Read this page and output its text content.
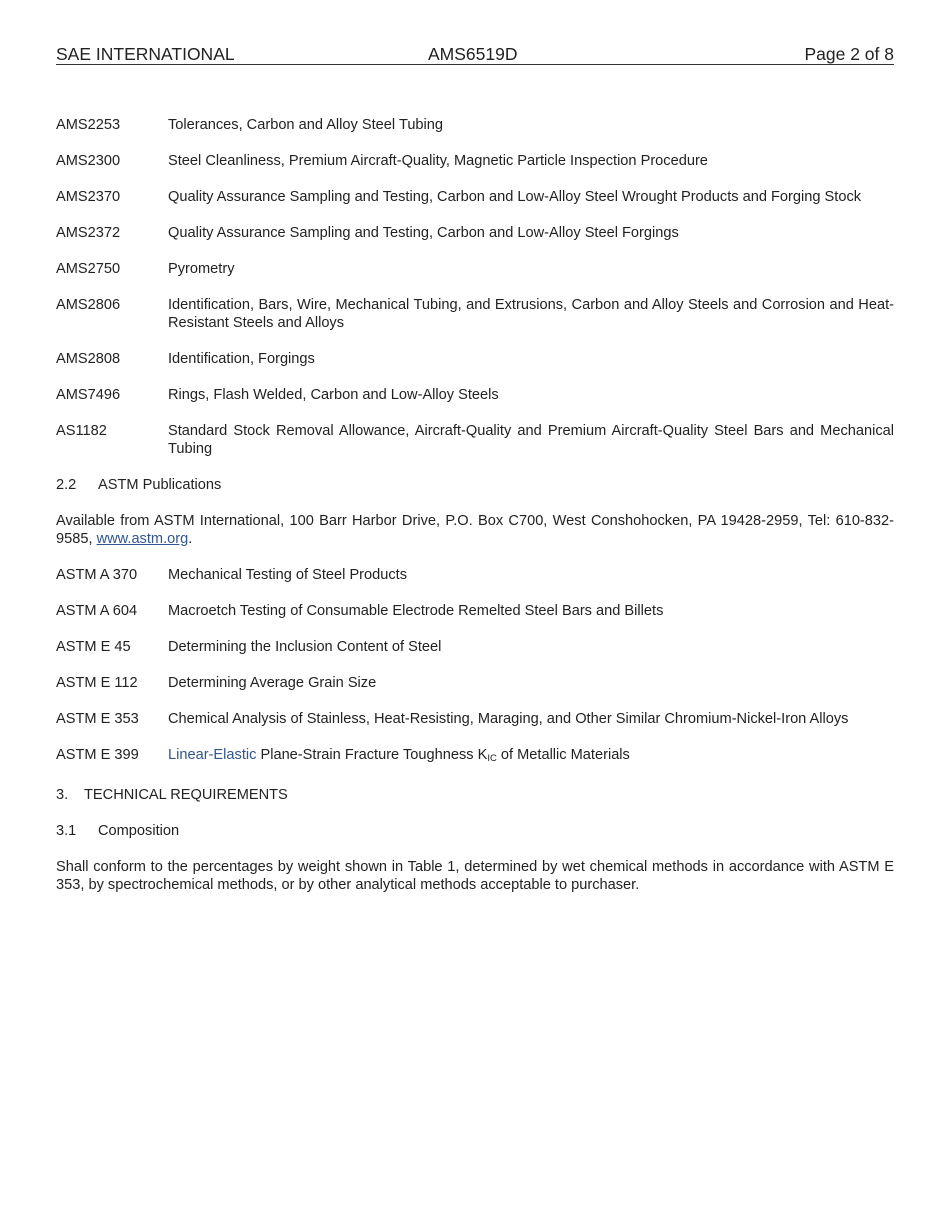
SAE INTERNATIONAL	AMS6519D	Page 2 of 8
AMS2253	Tolerances, Carbon and Alloy Steel Tubing
AMS2300	Steel Cleanliness, Premium Aircraft-Quality, Magnetic Particle Inspection Procedure
AMS2370	Quality Assurance Sampling and Testing, Carbon and Low-Alloy Steel Wrought Products and Forging Stock
AMS2372	Quality Assurance Sampling and Testing, Carbon and Low-Alloy Steel Forgings
AMS2750	Pyrometry
AMS2806	Identification, Bars, Wire, Mechanical Tubing, and Extrusions, Carbon and Alloy Steels and Corrosion and Heat-Resistant Steels and Alloys
AMS2808	Identification, Forgings
AMS7496	Rings, Flash Welded, Carbon and Low-Alloy Steels
AS1182	Standard Stock Removal Allowance, Aircraft-Quality and Premium Aircraft-Quality Steel Bars and Mechanical Tubing
2.2 ASTM Publications
Available from ASTM International, 100 Barr Harbor Drive, P.O. Box C700, West Conshohocken, PA 19428-2959, Tel: 610-832-9585, www.astm.org.
ASTM A 370	Mechanical Testing of Steel Products
ASTM A 604	Macroetch Testing of Consumable Electrode Remelted Steel Bars and Billets
ASTM E 45	Determining the Inclusion Content of Steel
ASTM E 112	Determining Average Grain Size
ASTM E 353	Chemical Analysis of Stainless, Heat-Resisting, Maraging, and Other Similar Chromium-Nickel-Iron Alloys
ASTM E 399	Linear-Elastic Plane-Strain Fracture Toughness $K_{IC}$ of Metallic Materials
3. TECHNICAL REQUIREMENTS
3.1 Composition
Shall conform to the percentages by weight shown in Table 1, determined by wet chemical methods in accordance with ASTM E 353, by spectrochemical methods, or by other analytical methods acceptable to purchaser.
